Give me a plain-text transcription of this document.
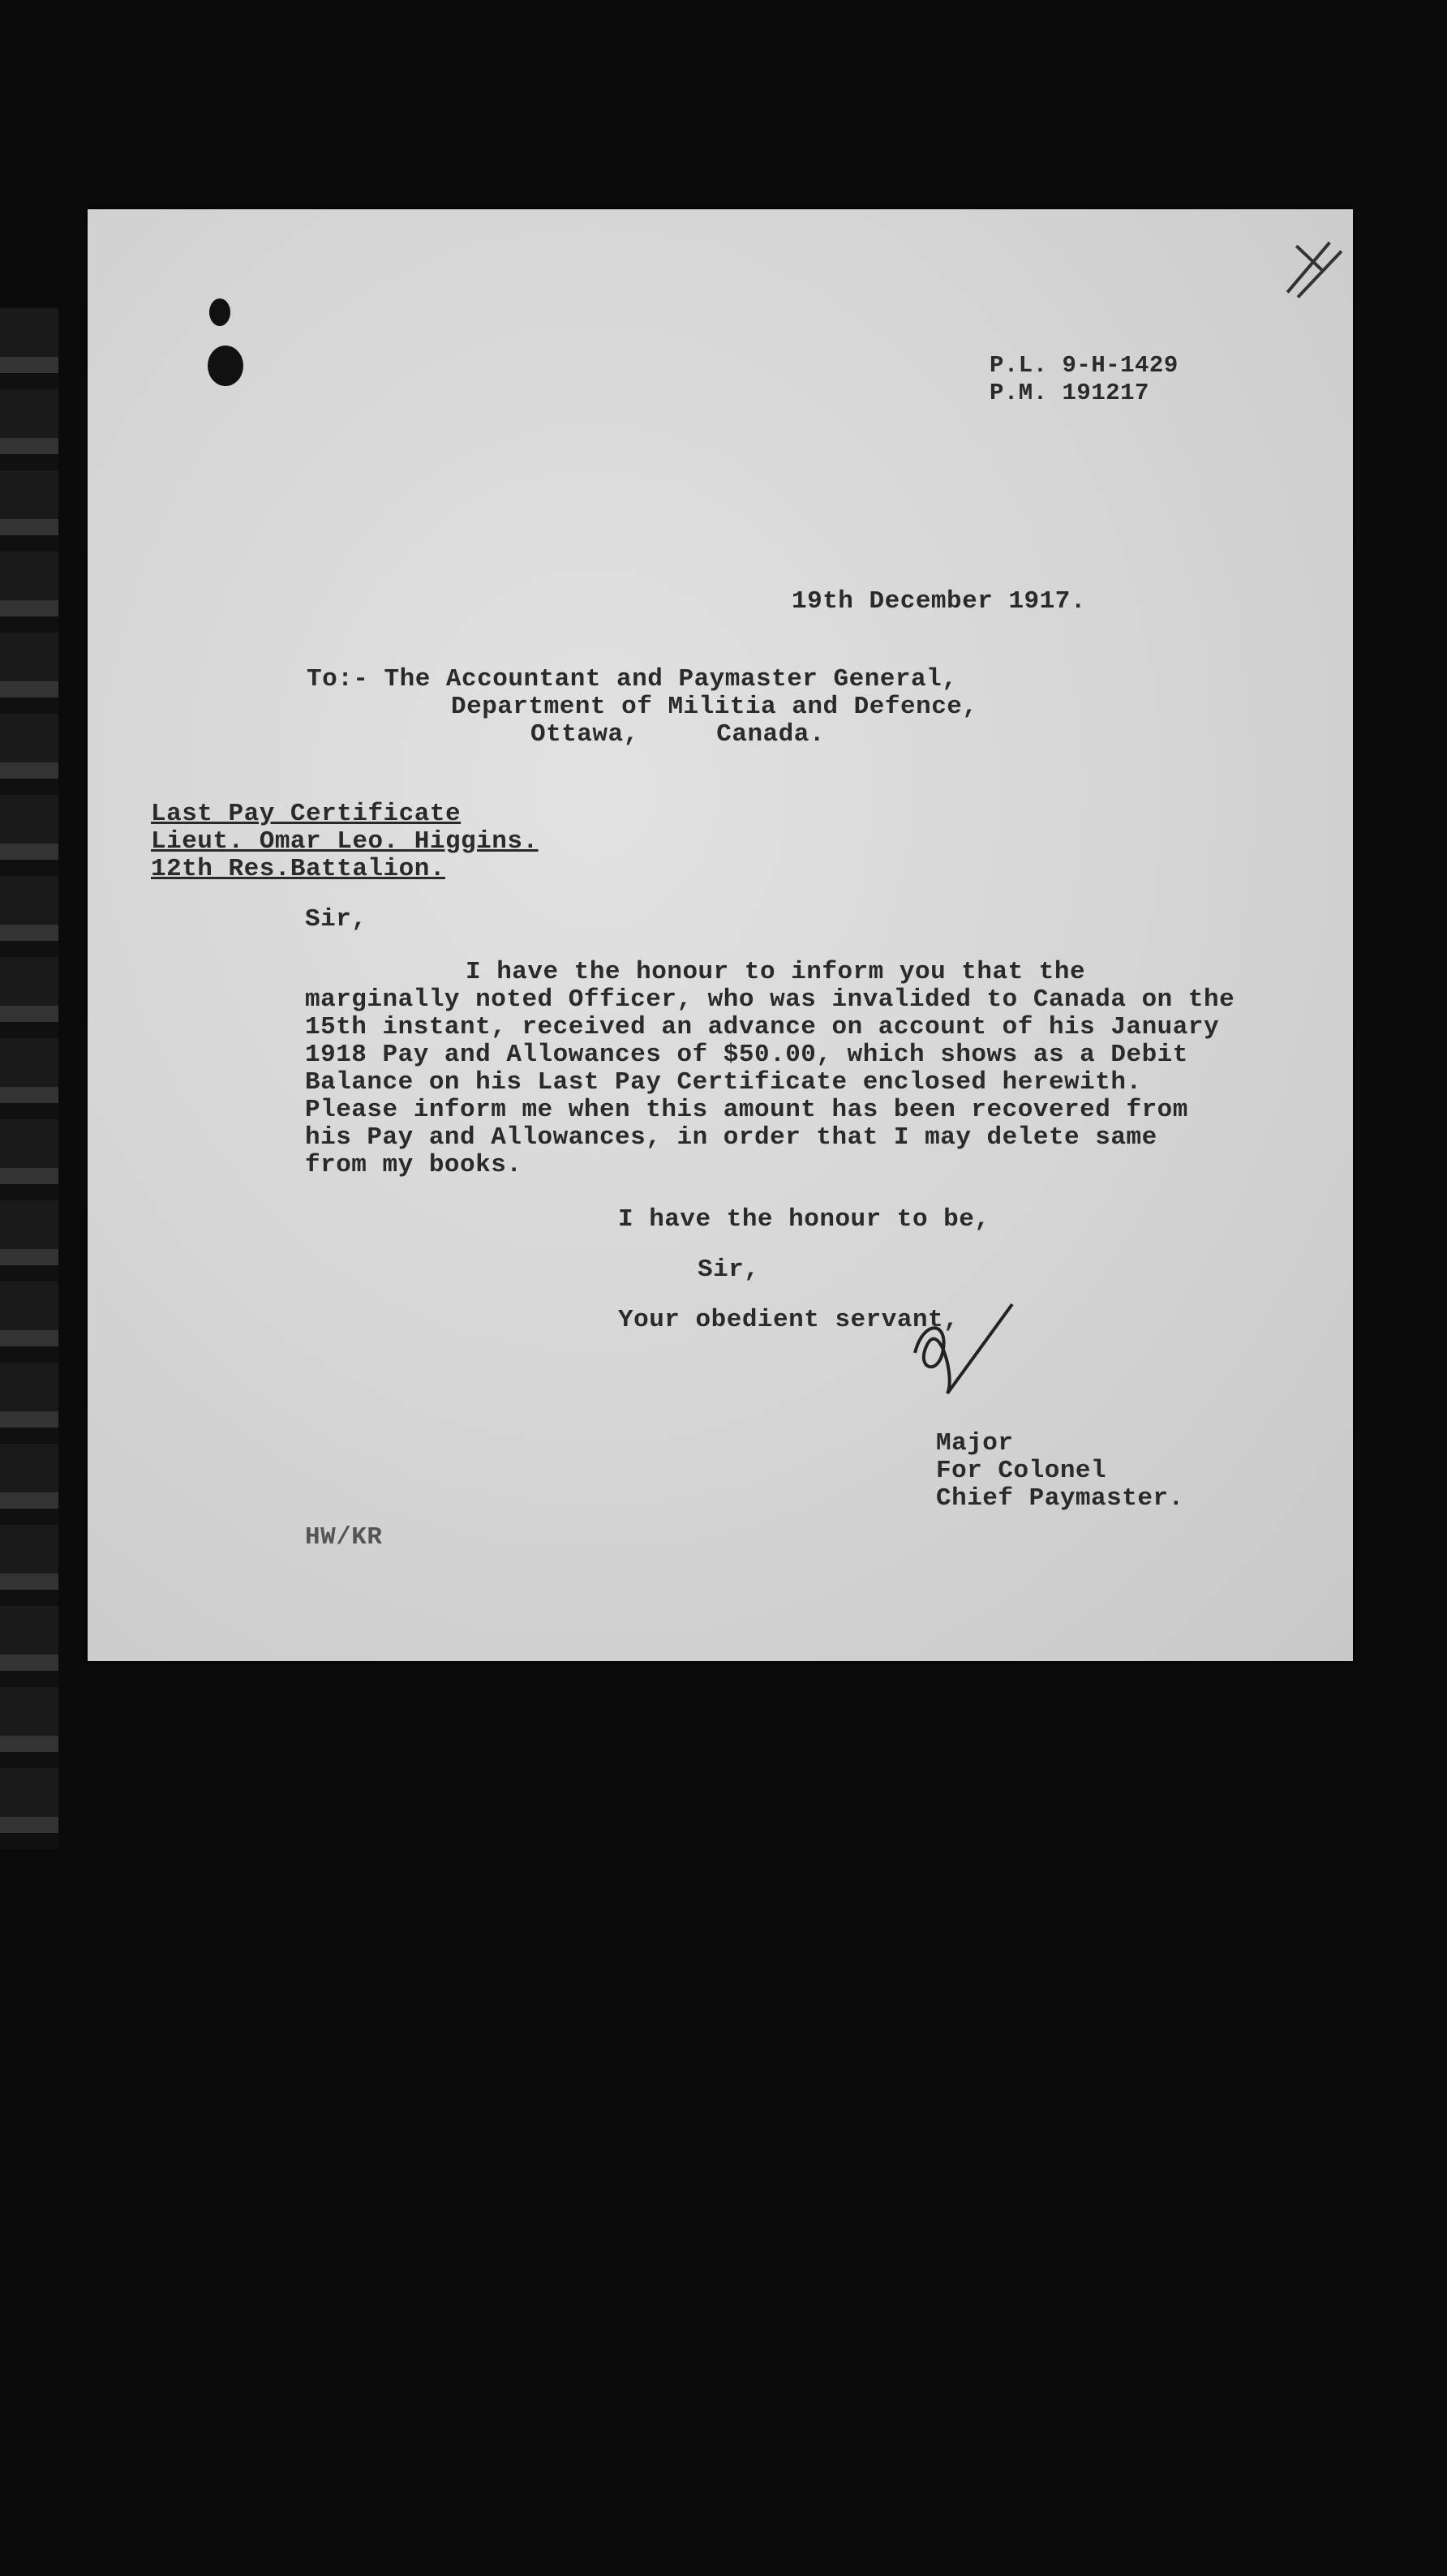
P.L. 9-H-1429

P.M. 191217

19th December 1917.

To:- The Accountant and Paymaster General,

Department of Militia and Defence,

Ottawa,     Canada.

Last Pay Certificate

Lieut. Omar Leo. Higgins.

12th Res.Battalion.

Sir,

I have the honour to inform you that the

marginally noted Officer, who was invalided to Canada on the

15th instant, received an advance on account of his January

1918 Pay and Allowances of $50.00, which shows as a Debit

Balance on his Last Pay Certificate enclosed herewith.

Please inform me when this amount has been recovered from

his Pay and Allowances, in order that I may delete same

from my books.

I have the honour to be,

Sir,

Your obedient servant,

Major

For Colonel

Chief Paymaster.

HW/KR
